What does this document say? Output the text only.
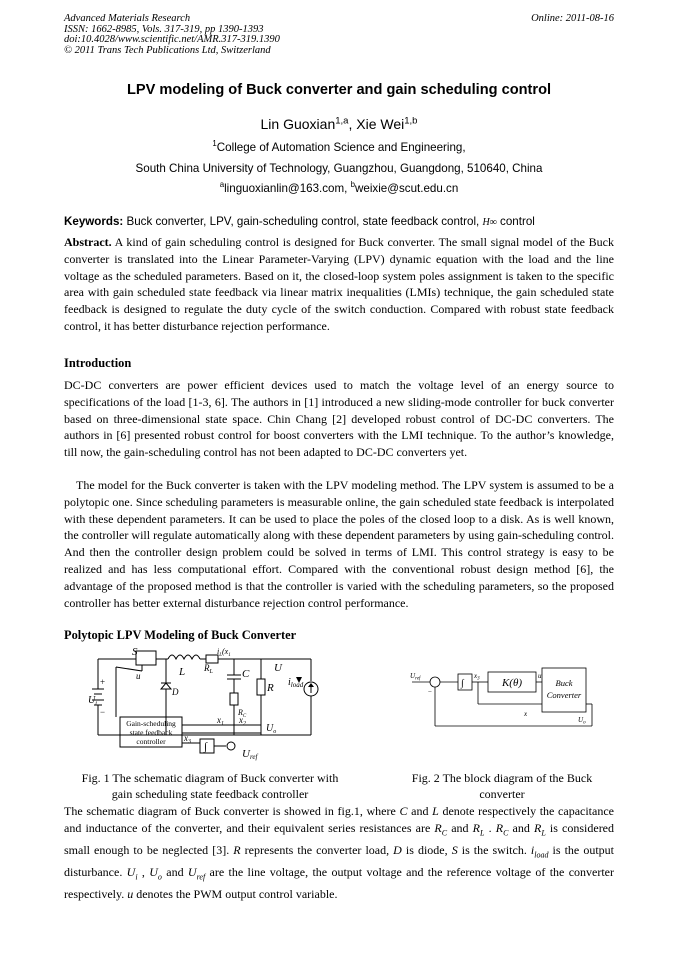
Advanced Materials Research
ISSN: 1662-8985, Vols. 317-319, pp 1390-1393
doi:10.4028/www.scientific.net/AMR.317-319.1390
© 2011 Trans Tech Publications Ltd, Switzerland
Online: 2011-08-16
LPV modeling of Buck converter and gain scheduling control
Lin Guoxian$^{1,a}$, Xie Wei$^{1,b}$
$^1$College of Automation Science and Engineering,
South China University of Technology, Guangzhou, Guangdong, 510640, China
$^a$linguoxianlin@163.com, $^b$weixie@scut.edu.cn
Keywords: Buck converter, LPV, gain-scheduling control, state feedback control, H∞ control
Abstract. A kind of gain scheduling control is designed for Buck converter. The small signal model of the Buck converter is translated into the Linear Parameter-Varying (LPV) dynamic equation with the load and the line voltage as the scheduled parameters. Based on it, the closed-loop system poles assignment is taken to the specific area with gain scheduled state feedback via linear matrix inequalities (LMIs) technique, the gain scheduled state feedback is designed to regulate the duty cycle of the switch conduction. Compared with robust state feedback control, it has better disturbance rejection performance.
Introduction
DC-DC converters are power efficient devices used to match the voltage level of an energy source to specifications of the load [1-3, 6]. The authors in [1] introduced a new sliding-mode controller for buck converter based on three-dimensional state space. Chin Chang [2] developed robust control of DC-DC converters. The authors in [6] presented robust control for boost converters with the LMI technique. To the author’s knowledge, till now, the gain-scheduling control has not been adapted to DC-DC converters yet.
The model for the Buck converter is taken with the LPV modeling method. The LPV system is assumed to be a polytopic one. Since scheduling parameters is measurable online, the gain scheduled state feedback is interpolated with these dependent parameters. It can be used to place the poles of the closed loop to a disk. As is well known, the controller will regulate automatically along with these dependent parameters by using gain-scheduling control. And then the controller design problem could be solved in terms of LMI. This control strategy is easy to be realized and has less computational effort. Compared with the conventional robust design method [6], the advantage of the proposed method is that the controller is varied with the scheduling parameters, so the proposed controller has better external disturbance rejection control performance.
Polytopic LPV Modeling of Buck Converter
S
L $R_L$
$i_L(x_1$
C
$R_C$
U
R $i_{load}$
u
D
$U_i$
+
−
$x_1$ $x_2$
$x_3$
$U_o$
Uref
Gain-scheduling
state feedback
controller	∫
$U_{ref}$	$x_3$ K(θ)
u
Buck
Converter
x
$U_o$
−
∫
Fig. 1 The schematic diagram of Buck converter with
gain scheduling state feedback controller
Fig. 2 The block diagram of the Buck
converter
The schematic diagram of Buck converter is showed in fig.1, where C and L denote respectively the capacitance and inductance of the converter, and their equivalent series resistances are $R_C$ and $R_L$ . $R_C$ and $R_L$ is considered small enough to be neglected [3]. R represents the converter load, D is diode, S is the switch. $i_{load}$ is the output disturbance. $U_i$ , $U_o$ and $U_{ref}$ are the line voltage, the output voltage and the reference voltage of the converter respectively. u denotes the PWM output control variable.
